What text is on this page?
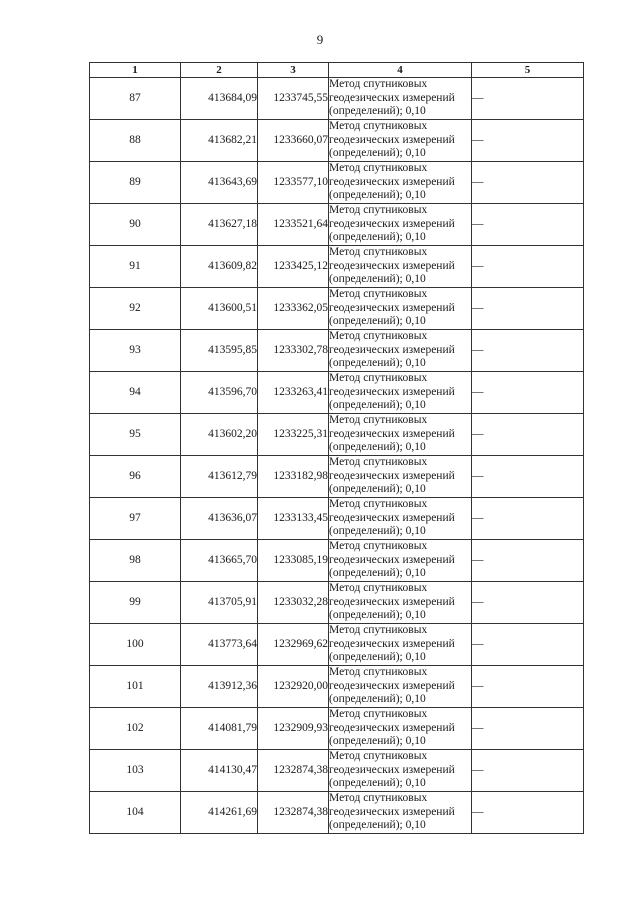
9
1	2	3	4	5
87	413684,09	1233745,55	Метод спутниковых
геодезических измерений
(определений); 0,10	—
88	413682,21	1233660,07	Метод спутниковых
геодезических измерений
(определений); 0,10	—
89	413643,69	1233577,10	Метод спутниковых
геодезических измерений
(определений); 0,10	—
90	413627,18	1233521,64	Метод спутниковых
геодезических измерений
(определений); 0,10	—
91	413609,82	1233425,12	Метод спутниковых
геодезических измерений
(определений); 0,10	—
92	413600,51	1233362,05	Метод спутниковых
геодезических измерений
(определений); 0,10	—
93	413595,85	1233302,78	Метод спутниковых
геодезических измерений
(определений); 0,10	—
94	413596,70	1233263,41	Метод спутниковых
геодезических измерений
(определений); 0,10	—
95	413602,20	1233225,31	Метод спутниковых
геодезических измерений
(определений); 0,10	—
96	413612,79	1233182,98	Метод спутниковых
геодезических измерений
(определений); 0,10	—
97	413636,07	1233133,45	Метод спутниковых
геодезических измерений
(определений); 0,10	—
98	413665,70	1233085,19	Метод спутниковых
геодезических измерений
(определений); 0,10	—
99	413705,91	1233032,28	Метод спутниковых
геодезических измерений
(определений); 0,10	—
100	413773,64	1232969,62	Метод спутниковых
геодезических измерений
(определений); 0,10	—
101	413912,36	1232920,00	Метод спутниковых
геодезических измерений
(определений); 0,10	—
102	414081,79	1232909,93	Метод спутниковых
геодезических измерений
(определений); 0,10	—
103	414130,47	1232874,38	Метод спутниковых
геодезических измерений
(определений); 0,10	—
104	414261,69	1232874,38	Метод спутниковых
геодезических измерений
(определений); 0,10	—
